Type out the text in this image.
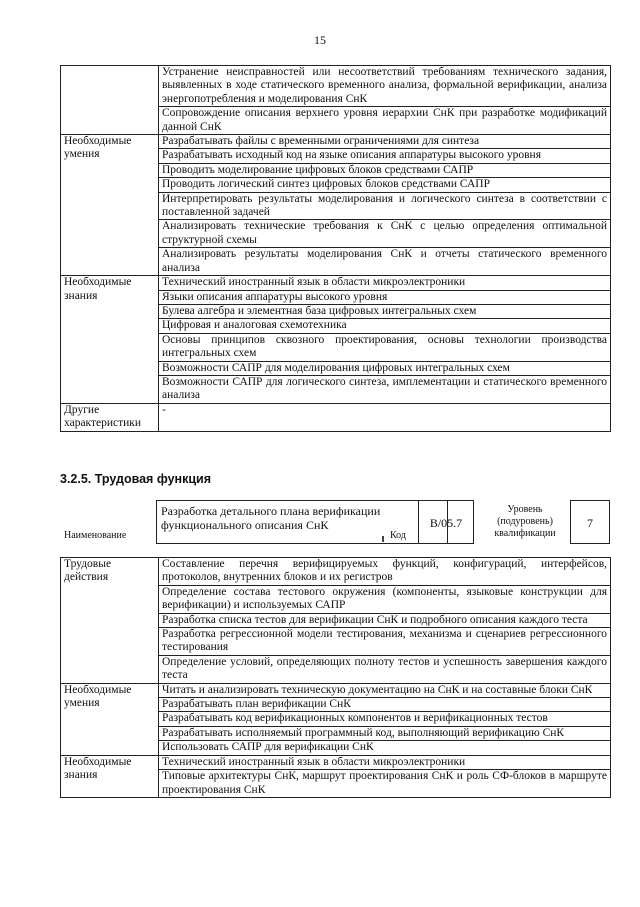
15
	Устранение неисправностей или несоответствий требованиям технического задания, выявленных в ходе статического временного анализа, формальной верификации, анализа энергопотребления и моделирования СнК
	Сопровождение описания верхнего уровня иерархии СнК при разработке модификаций данной СнК
Необходимые умения	Разрабатывать файлы с временными ограничениями для синтеза
	Разрабатывать исходный код на языке описания аппаратуры высокого уровня
	Проводить моделирование цифровых блоков средствами САПР
	Проводить логический синтез цифровых блоков средствами САПР
	Интерпретировать результаты моделирования и логического синтеза в соответствии с поставленной задачей
	Анализировать технические требования к СнК с целью определения оптимальной структурной схемы
	Анализировать результаты моделирования СнК и отчеты статического временного анализа
Необходимые знания	Технический иностранный язык в области микроэлектроники
	Языки описания аппаратуры высокого уровня
	Булева алгебра и элементная база цифровых интегральных схем
	Цифровая и аналоговая схемотехника
	Основы принципов сквозного проектирования, основы технологии производства интегральных схем
	Возможности САПР для моделирования цифровых интегральных схем
	Возможности САПР для логического синтеза, имплементации и статического временного анализа
Другие характеристики	-
3.2.5. Трудовая функция
Наименование
Разработка детального плана верификации функционального описания СнК
Код
B/05.7
Уровень (подуровень) квалификации
7
Трудовые действия	Составление перечня верифицируемых функций, конфигураций, интерфейсов, протоколов, внутренних блоков и их регистров
	Определение состава тестового окружения (компоненты, языковые конструкции для верификации) и используемых САПР
	Разработка списка тестов для верификации СнК и подробного описания каждого теста
	Разработка регрессионной модели тестирования, механизма и сценариев регрессионного тестирования
	Определение условий, определяющих полноту тестов и успешность завершения каждого теста
Необходимые умения	Читать и анализировать техническую документацию на СнК и на составные блоки СнК
	Разрабатывать план верификации СнК
	Разрабатывать код верификационных компонентов и верификационных тестов
	Разрабатывать исполняемый программный код, выполняющий верификацию СнК
	Использовать САПР для верификации СнК
Необходимые знания	Технический иностранный язык в области микроэлектроники
	Типовые архитектуры СнК, маршрут проектирования СнК и роль СФ-блоков в маршруте проектирования СнК
